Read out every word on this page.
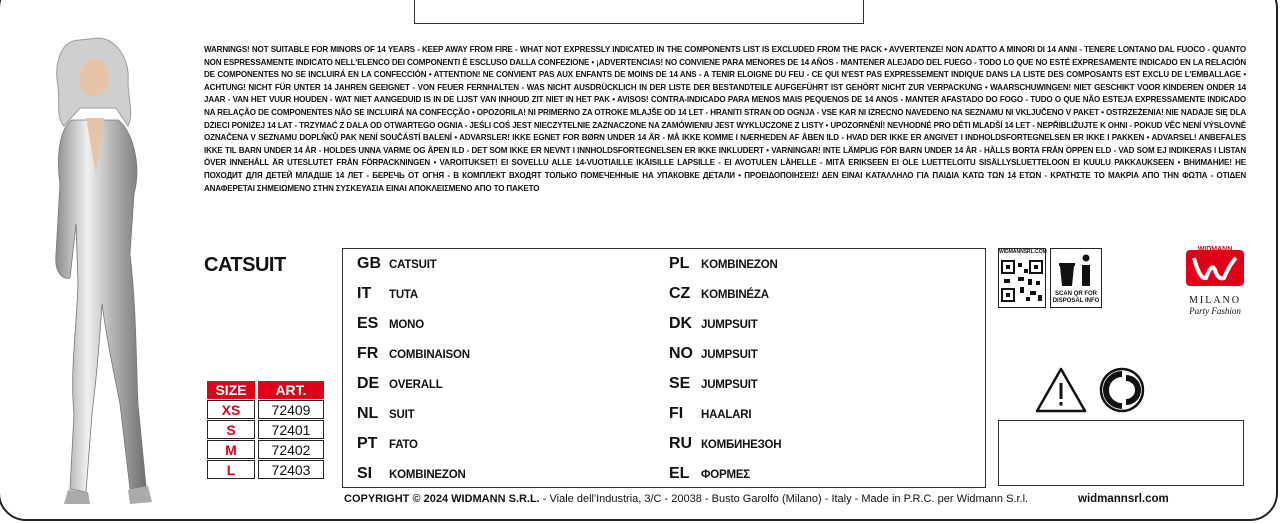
WARNINGS! NOT SUITABLE FOR MINORS OF 14 YEARS - KEEP AWAY FROM FIRE - WHAT NOT EXPRESSLY INDICATED IN THE COMPONENTS LIST IS EXCLUDED FROM THE PACK • AVVERTENZE! NON ADATTO A MINORI DI 14 ANNI - TENERE LONTANO DAL FUOCO - QUANTO NON ESPRESSAMENTE INDICATO NELL'ELENCO DEI COMPONENTI È ESCLUSO DALLA CONFEZIONE • ¡ADVERTENCIAS! NO CONVIENE PARA MENORES DE 14 AÑOS - MANTENER ALEJADO DEL FUEGO - TODO LO QUE NO ESTÉ EXPRESAMENTE INDICADO EN LA RELACIÓN DE COMPONENTES NO SE INCLUIRÁ EN LA CONFECCIÓN • ATTENTION! NE CONVIENT PAS AUX ENFANTS DE MOINS DE 14 ANS - A TENIR ELOIGNE DU FEU - CE QUI N'EST PAS EXPRESSEMENT INDIQUE DANS LA LISTE DES COMPOSANTS EST EXCLU DE L'EMBALLAGE • ACHTUNG! NICHT FÜR UNTER 14 JAHREN GEEIGNET - VON FEUER FERNHALTEN - WAS NICHT AUSDRÜCKLICH IN DER LISTE DER BESTANDTEILE AUFGEFÜHRT IST GEHÖRT NICHT ZUR VERPACKUNG • WAARSCHUWINGEN! NIET GESCHIKT VOOR KINDEREN ONDER 14 JAAR - VAN HET VUUR HOUDEN - WAT NIET AANGEDUID IS IN DE LIJST VAN INHOUD ZIT NIET IN HET PAK • AVISOS! CONTRA-INDICADO PARA MENOS MAIS PEQUENOS DE 14 ANOS - MANTER AFASTADO DO FOGO - TUDO O QUE NÃO ESTEJA EXPRESSAMENTE INDICADO NA RELAÇÃO DE COMPONENTES NÃO SE INCLUIRÁ NA CONFECÇÃO • OPOZORILA! NI PRIMERNO ZA OTROKE MLAJŠE OD 14 LET - HRANITI STRAN OD OGNJA - VSE KAR NI IZRECNO NAVEDENO NA SEZNAMU NI VKLJUČENO V PAKET • OSTRZEŻENIA! NIE NADAJE SIĘ DLA DZIECI PONIŻEJ 14 LAT - TRZYMAĆ Z DALA OD OTWARTEGO OGNIA - JEŚLI COŚ JEST NIECZYTELNIE ZAZNACZONE NA ZAMÓWIENIU JEST WYKLUCZONE Z LISTY • UPOZORNĚNÍ! NEVHODNÉ PRO DĚTI MLADŠÍ 14 LET - NEPŘIBLIŽUJTE K OHNI - POKUD VĚC NENÍ VÝSLOVNĚ OZNAČENA V SEZNAMU DOPLŇKŮ PAK NENÍ SOUČÁSTÍ BALENÍ • ADVARSLER! IKKE EGNET FOR BØRN UNDER 14 ÅR - MÅ IKKE KOMME I NÆRHEDEN AF ÅBEN ILD - HVAD DER IKKE ER ANGIVET I INDHOLDSFORTEGNELSEN ER IKKE I PAKKEN • ADVARSEL! ANBEFALES IKKE TIL BARN UNDER 14 ÅR - HOLDES UNNA VARME OG ÅPEN ILD - DET SOM IKKE ER NEVNT I INNHOLDSFORTEGNELSEN ER IKKE INKLUDERT • VARNINGAR! INTE LÄMPLIG FÖR BARN UNDER 14 ÅR - HÅLLS BORTA FRÅN ÖPPEN ELD - VAD SOM EJ INDIKERAS I LISTAN ÖVER INNEHÅLL ÄR UTESLUTET FRÅN FÖRPACKNINGEN • VAROITUKSET! EI SOVELLU ALLE 14-VUOTIAILLE IKÄISILLE LAPSILLE - EI AVOTULEN LÄHELLE - MITÄ ERIKSEEN EI OLE LUETTELOITU SISÄLLYSLUETTELOON EI KUULU PAKKAUKSEEN • ВНИМАНИЕ! НЕ ПОХОДИТ ДЛЯ ДЕТЕЙ МЛАДШЕ 14 ЛЕТ - БЕРЕЧЬ ОТ ОГНЯ - В КОМПЛЕКТ ВХОДЯТ ТОЛЬКО ПОМЕЧЕННЫЕ НА УПАКОВКЕ ДЕТАЛИ • ΠΡΟΕΙΔΟΠΟΙΗΣΕΙΣ! ΔΕΝ ΕΙΝΑΙ ΚΑΤΑΛΛΗΛΟ ΓΙΑ ΠΑΙΔΙΑ ΚΑΤΩ ΤΩΝ 14 ΕΤΩΝ - ΚΡΑΤΗΣΤΕ ΤΟ ΜΑΚΡΙΑ ΑΠΟ ΤΗΝ ΦΩΤΙΑ - ΟΤΙΔΕΝ ΑΝΑΦΕΡΕΤΑΙ ΣΗΜΕΙΩΜΕΝΟ ΣΤΗΝ ΣΥΣΚΕΥΑΣΙΑ ΕΙΝΑΙ ΑΠΟΚΛΕΙΣΜΕΝΟ ΑΠΟ ΤΟ ΠΑΚΕΤΟ
CATSUIT
SIZE	ART.
XS	72409
S	72401
M	72402
L	72403
GB CATSUIT
IT	TUTA
ES MONO
FR COMBINAISON
DE OVERALL
NL SUIT
PT	FATO
SI	KOMBINEZON
PL	KOMBINEZON
CZ KOMBINÉZA
DK JUMPSUIT
NO JUMPSUIT
SE JUMPSUIT
FI	HAALARI
RU КОМБИНЕЗОН
EL	ΦΟΡΜΕΣ
WIDMANNSRL.COM
SCAN QR FOR DISPOSAL INFO
WIDMANN
MILANO
Party Fashion
COPYRIGHT © 2024 WIDMANN S.R.L. - Viale dell'Industria, 3/C - 20038 - Busto Garolfo (Milano) - Italy - Made in P.R.C. per Widmann S.r.l.	widmannsrl.com
